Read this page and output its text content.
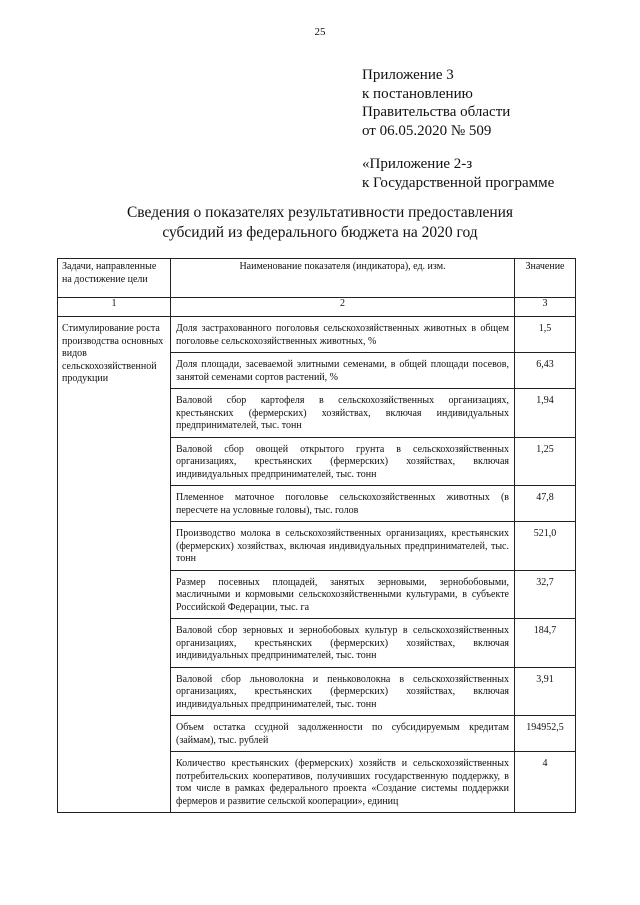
25
Приложение 3
к постановлению
Правительства области
от 06.05.2020 № 509
«Приложение 2-з
к Государственной программе
Сведения о показателях результативности предоставления
субсидий из федерального бюджета на 2020 год
Задачи, направленные на достижение цели	Наименование показателя (индикатора), ед. изм.	Значение
1	2	3
Стимулирование роста производства основных видов сельскохозяйственной продукции	Доля застрахованного поголовья сельскохозяйственных животных в общем поголовье сельскохозяйственных животных, %	1,5
	Доля площади, засеваемой элитными семенами, в общей площади посевов, занятой семенами сортов растений, %	6,43
	Валовой сбор картофеля в сельскохозяйственных организациях, крестьянских (фермерских) хозяйствах, включая индивидуальных предпринимателей, тыс. тонн	1,94
	Валовой сбор овощей открытого грунта в сельскохозяйственных организациях, крестьянских (фермерских) хозяйствах, включая индивидуальных предпринимателей, тыс. тонн	1,25
	Племенное маточное поголовье сельскохозяйственных животных (в пересчете на условные головы), тыс. голов	47,8
	Производство молока в сельскохозяйственных организациях, крестьянских (фермерских) хозяйствах, включая индивидуальных предпринимателей, тыс. тонн	521,0
	Размер посевных площадей, занятых зерновыми, зернобобовыми, масличными и кормовыми сельскохозяйственными культурами, в субъекте Российской Федерации, тыс. га	32,7
	Валовой сбор зерновых и зернобобовых культур в сельскохозяйственных организациях, крестьянских (фермерских) хозяйствах, включая индивидуальных предпринимателей, тыс. тонн	184,7
	Валовой сбор льноволокна и пеньковолокна в сельскохозяйственных организациях, крестьянских (фермерских) хозяйствах, включая индивидуальных предпринимателей, тыс. тонн	3,91
	Объем остатка ссудной задолженности по субсидируемым кредитам (займам), тыс. рублей	194952,5
	Количество крестьянских (фермерских) хозяйств и сельскохозяйственных потребительских кооперативов, получивших государственную поддержку, в том числе в рамках федерального проекта «Создание системы поддержки фермеров и развитие сельской кооперации», единиц	4
